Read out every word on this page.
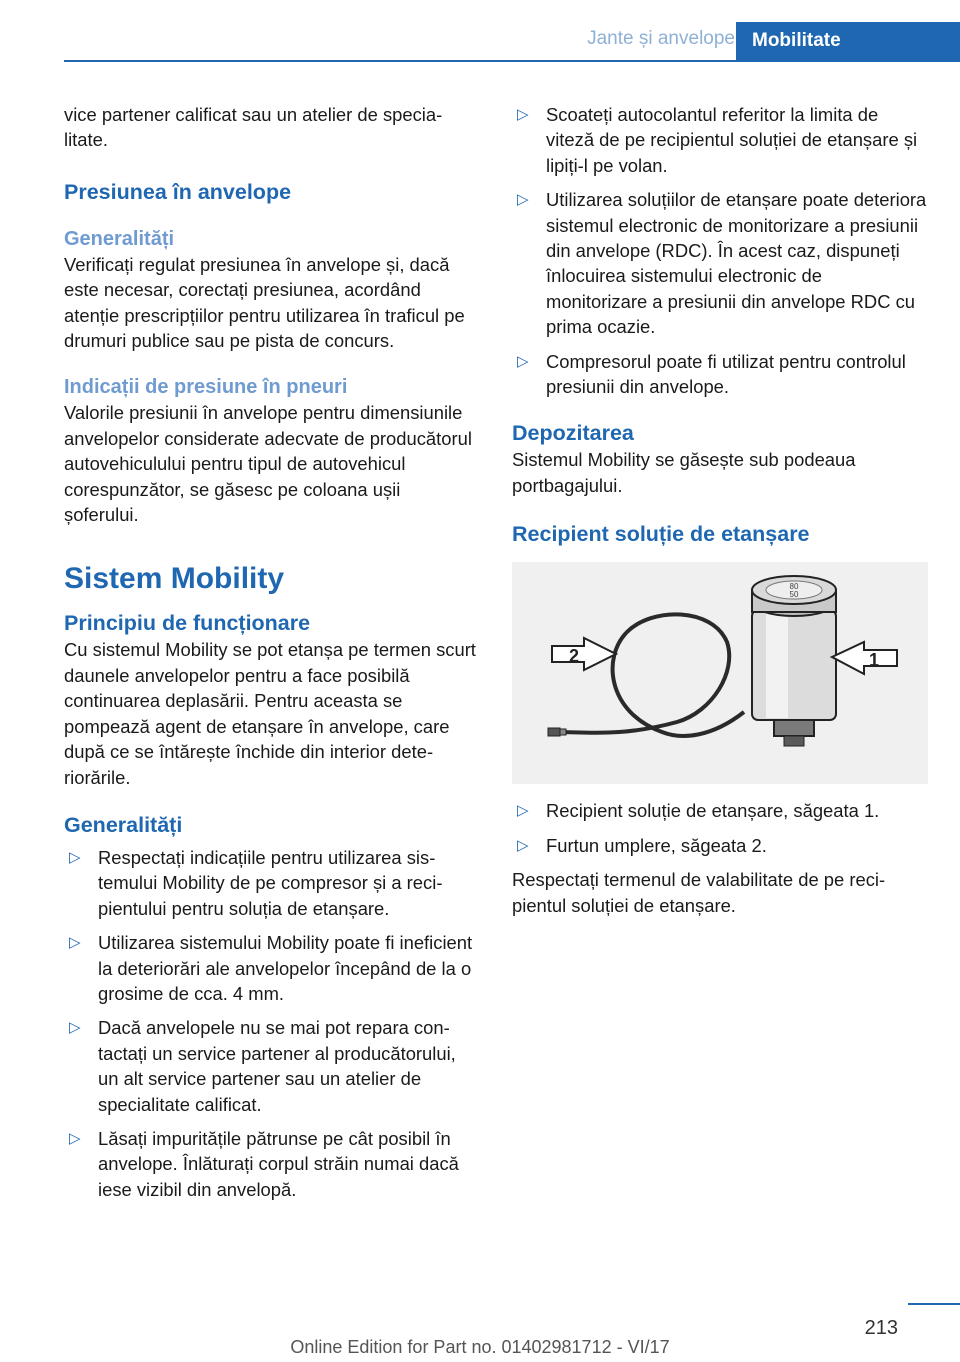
Jante și anvelope Mobilitate

vice partener calificat sau un atelier de specialitate.

Presiunea în anvelope
Generalități

Verificați regulat presiunea în anvelope și, dacă este necesar, corectați presiunea, acordând atenție prescripțiilor pentru utilizarea în traficul pe drumuri publice sau pe pista de concurs.

Indicații de presiune în pneuri

Valorile presiunii în anvelope pentru dimensiunile anvelopelor considerate adecvate de producătorul autovehiculului pentru tipul de autovehicul corespunzător, se găsesc pe coloana ușii șoferului.

Sistem Mobility
Principiu de funcționare

Cu sistemul Mobility se pot etanșa pe termen scurt daunele anvelopelor pentru a face posibilă continuarea deplasării. Pentru aceasta se pompează agent de etanșare în anvelope, care după ce se întărește închide din interior deteriorările.

Generalități
▷ Respectați indicațiile pentru utilizarea sistemului Mobility de pe compresor și a recipientului pentru soluția de etanșare.
▷ Utilizarea sistemului Mobility poate fi ineficient la deteriorări ale anvelopelor începând de la o grosime de cca. 4 mm.
▷ Dacă anvelopele nu se mai pot repara contactați un service partener al producătorului, un alt service partener sau un atelier de specialitate calificat.
▷ Lăsați impuritățile pătrunse pe cât posibil în anvelope. Înlăturați corpul străin numai dacă iese vizibil din anvelopă.
▷ Scoateți autocolantul referitor la limita de viteză de pe recipientul soluției de etanșare și lipiți-l pe volan.
▷ Utilizarea soluțiilor de etanșare poate deteriora sistemul electronic de monitorizare a presiunii din anvelope (RDC). În acest caz, dispuneți înlocuirea sistemului electronic de monitorizare a presiunii din anvelope RDC cu prima ocazie.
▷ Compresorul poate fi utilizat pentru controlul presiunii din anvelope.
Depozitarea

Sistemul Mobility se găsește sub podeaua portbagajului.

Recipient soluție de etanșare
80
50
1
2
▷ Recipient soluție de etanșare, săgeata 1.
▷ Furtun umplere, săgeata 2.

Respectați termenul de valabilitate de pe recipientul soluției de etanșare.

213
Online Edition for Part no. 01402981712 - VI/17
